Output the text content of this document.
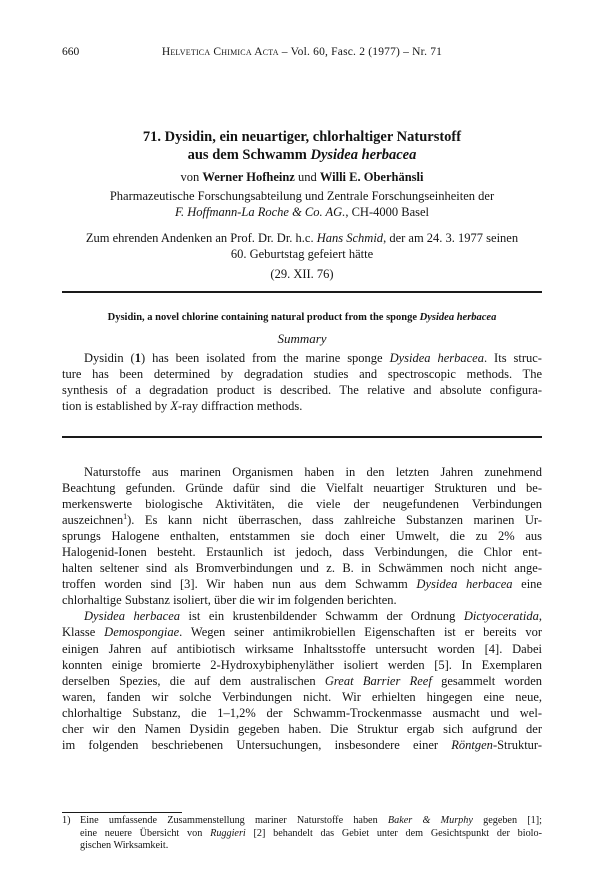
660	Helvetica Chimica Acta – Vol. 60, Fasc. 2 (1977) – Nr. 71
71. Dysidin, ein neuartiger, chlorhaltiger Naturstoff
aus dem Schwamm Dysidea herbacea
von Werner Hofheinz und Willi E. Oberhänsli
Pharmazeutische Forschungsabteilung und Zentrale Forschungseinheiten der
F. Hoffmann-La Roche & Co. AG., CH-4000 Basel
Zum ehrenden Andenken an Prof. Dr. Dr. h.c. Hans Schmid, der am 24. 3. 1977 seinen
60. Geburtstag gefeiert hätte
(29. XII. 76)
Dysidin, a novel chlorine containing natural product from the sponge Dysidea herbacea
Summary
Dysidin (1) has been isolated from the marine sponge Dysidea herbacea. Its struc-
ture has been determined by degradation studies and spectroscopic methods. The
synthesis of a degradation product is described. The relative and absolute configura-
tion is established by X-ray diffraction methods.
Naturstoffe aus marinen Organismen haben in den letzten Jahren zunehmend
Beachtung gefunden. Gründe dafür sind die Vielfalt neuartiger Strukturen und be-
merkenswerte biologische Aktivitäten, die viele der neugefundenen Verbindungen
auszeichnen$^1$). Es kann nicht überraschen, dass zahlreiche Substanzen marinen Ur-
sprungs Halogene enthalten, entstammen sie doch einer Umwelt, die zu 2% aus
Halogenid-Ionen besteht. Erstaunlich ist jedoch, dass Verbindungen, die Chlor ent-
halten seltener sind als Bromverbindungen und z. B. in Schwämmen noch nicht ange-
troffen worden sind [3]. Wir haben nun aus dem Schwamm Dysidea herbacea eine
chlorhaltige Substanz isoliert, über die wir im folgenden berichten.
Dysidea herbacea ist ein krustenbildender Schwamm der Ordnung Dictyoceratida,
Klasse Demospongiae. Wegen seiner antimikrobiellen Eigenschaften ist er bereits vor
einigen Jahren auf antibiotisch wirksame Inhaltsstoffe untersucht worden [4]. Dabei
konnten einige bromierte 2-Hydroxybiphenyläther isoliert werden [5]. In Exemplaren
derselben Spezies, die auf dem australischen Great Barrier Reef gesammelt worden
waren, fanden wir solche Verbindungen nicht. Wir erhielten hingegen eine neue,
chlorhaltige Substanz, die 1–1,2% der Schwamm-Trockenmasse ausmacht und wel-
cher wir den Namen Dysidin gegeben haben. Die Struktur ergab sich aufgrund der
im folgenden beschriebenen Untersuchungen, insbesondere einer Röntgen-Struktur-
1) Eine umfassende Zusammenstellung mariner Naturstoffe haben Baker & Murphy gegeben [1];
eine neuere Übersicht von Ruggieri [2] behandelt das Gebiet unter dem Gesichtspunkt der biolo-
gischen Wirksamkeit.
